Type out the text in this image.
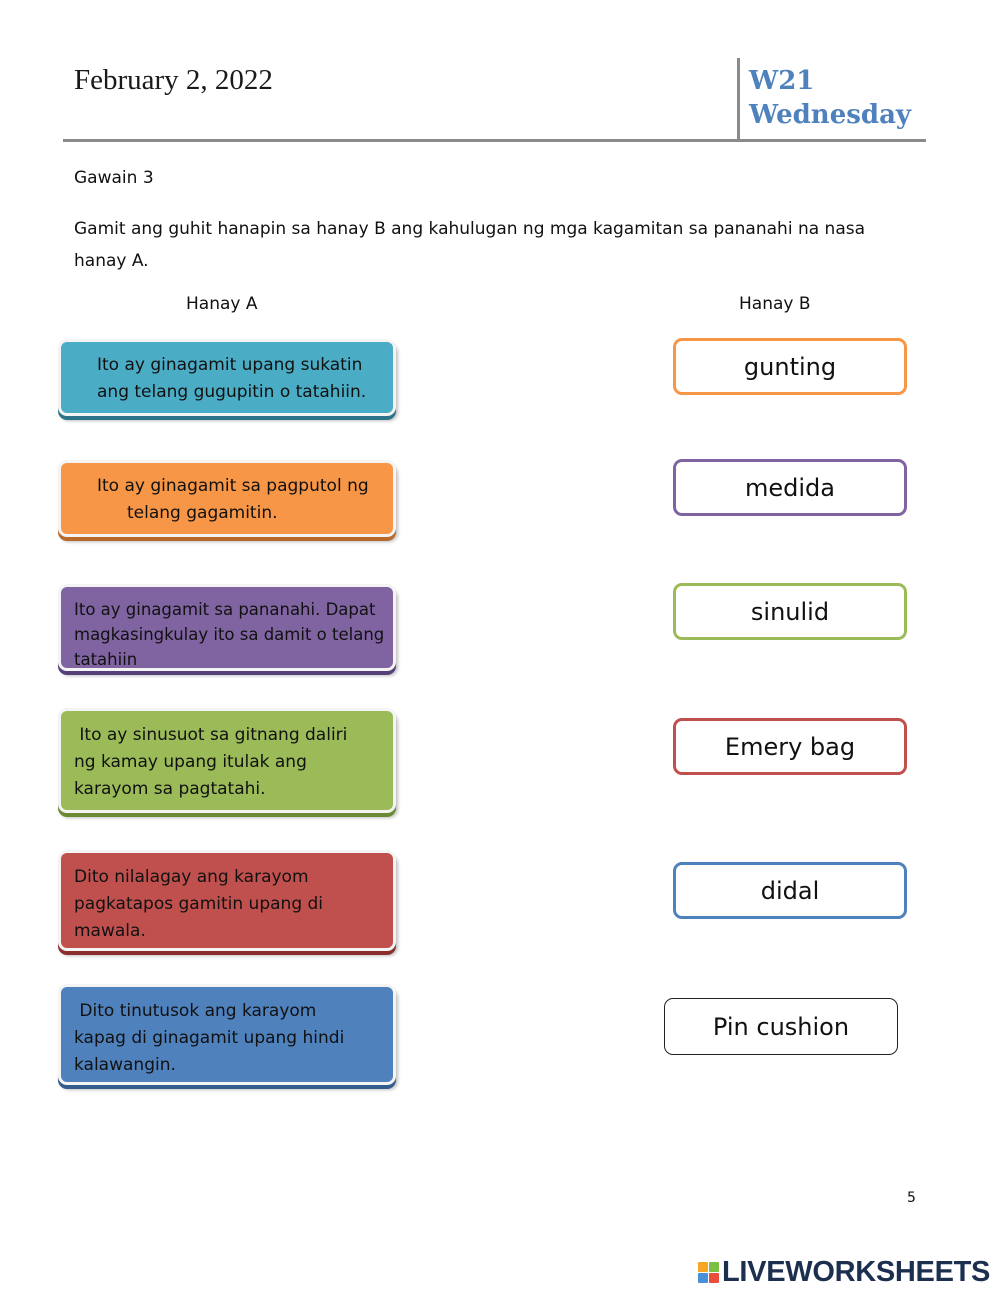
February 2, 2022	W21
Wednesday
Gawain 3
Gamit ang guhit hanapin sa hanay B ang kahulugan ng mga kagamitan sa pananahi na nasa hanay A.
Hanay A	Hanay B
Ito ay ginagamit upang sukatin
ang telang gugupitin o tatahiin.
Ito ay ginagamit sa pagputol ng
telang gagamitin.
Ito ay ginagamit sa pananahi. Dapat
magkasingkulay ito sa damit o telang
tatahiin
Ito ay sinusuot sa gitnang daliri
ng kamay upang itulak ang
karayom sa pagtatahi.
Dito nilalagay ang karayom
pagkatapos gamitin upang di
mawala.
Dito tinutusok ang karayom
kapag di ginagamit upang hindi
kalawangin.
gunting
medida
sinulid
Emery bag
didal
Pin cushion
5
LIVEWORKSHEETS
